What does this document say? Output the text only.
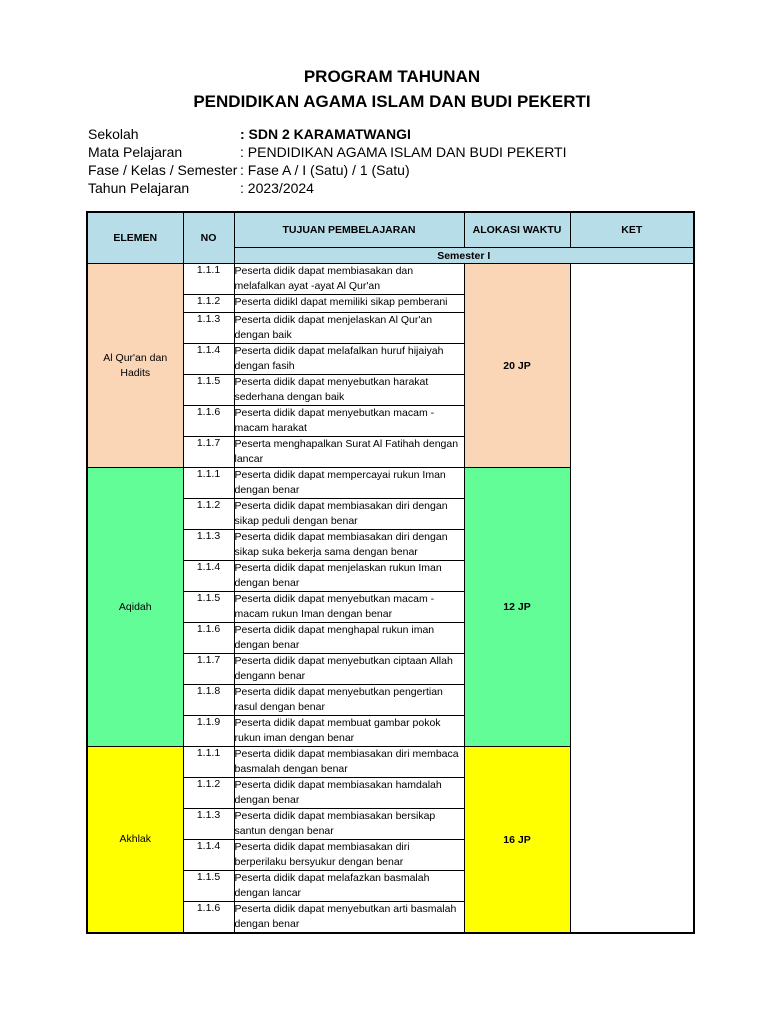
PROGRAM TAHUNAN
PENDIDIKAN AGAMA ISLAM DAN BUDI PEKERTI
Sekolah	: SDN 2 KARAMATWANGI
Mata Pelajaran	: PENDIDIKAN AGAMA ISLAM DAN BUDI PEKERTI
Fase / Kelas / Semester : Fase A / I (Satu) / 1 (Satu)
Tahun Pelajaran	: 2023/2024
ELEMEN	NO	TUJUAN PEMBELAJARAN	ALOKASI WAKTU	KET
		Semester I		
Al Qur'an dan Hadits	1.1.1	Peserta didik dapat membiasakan dan melafalkan ayat -ayat Al Qur'an	20 JP	
	1.1.2	Peserta didikl dapat memiliki sikap pemberani		
	1.1.3	Peserta didik dapat menjelaskan Al Qur'an dengan baik		
	1.1.4	Peserta didik dapat melafalkan huruf hijaiyah dengan fasih		
	1.1.5	Peserta didik dapat menyebutkan harakat sederhana dengan baik		
	1.1.6	Peserta didik dapat menyebutkan macam - macam harakat		
	1.1.7	Peserta menghapalkan Surat Al Fatihah dengan lancar		
Aqidah	1.1.1	Peserta didik dapat mempercayai rukun Iman dengan benar	12 JP	
	1.1.2	Peserta didik dapat membiasakan diri dengan sikap peduli dengan benar		
	1.1.3	Peserta didik dapat membiasakan diri dengan sikap suka bekerja sama dengan benar		
	1.1.4	Peserta didik dapat menjelaskan rukun Iman dengan benar		
	1.1.5	Peserta didik dapat menyebutkan macam - macam rukun Iman dengan benar		
	1.1.6	Peserta didik dapat menghapal rukun iman dengan benar		
	1.1.7	Peserta didik dapat menyebutkan ciptaan Allah dengann benar		
	1.1.8	Peserta didik dapat menyebutkan pengertian rasul dengan benar		
	1.1.9	Peserta didik dapat membuat gambar pokok rukun iman dengan benar		
Akhlak	1.1.1	Peserta didik dapat membiasakan diri membaca basmalah dengan benar	16 JP	
	1.1.2	Peserta didik dapat membiasakan hamdalah dengan benar		
	1.1.3	Peserta didik dapat membiasakan bersikap santun dengan benar		
	1.1.4	Peserta didik dapat membiasakan diri berperilaku bersyukur dengan benar		
	1.1.5	Peserta didik dapat melafazkan basmalah dengan lancar		
	1.1.6	Peserta didik dapat menyebutkan arti basmalah dengan benar		
